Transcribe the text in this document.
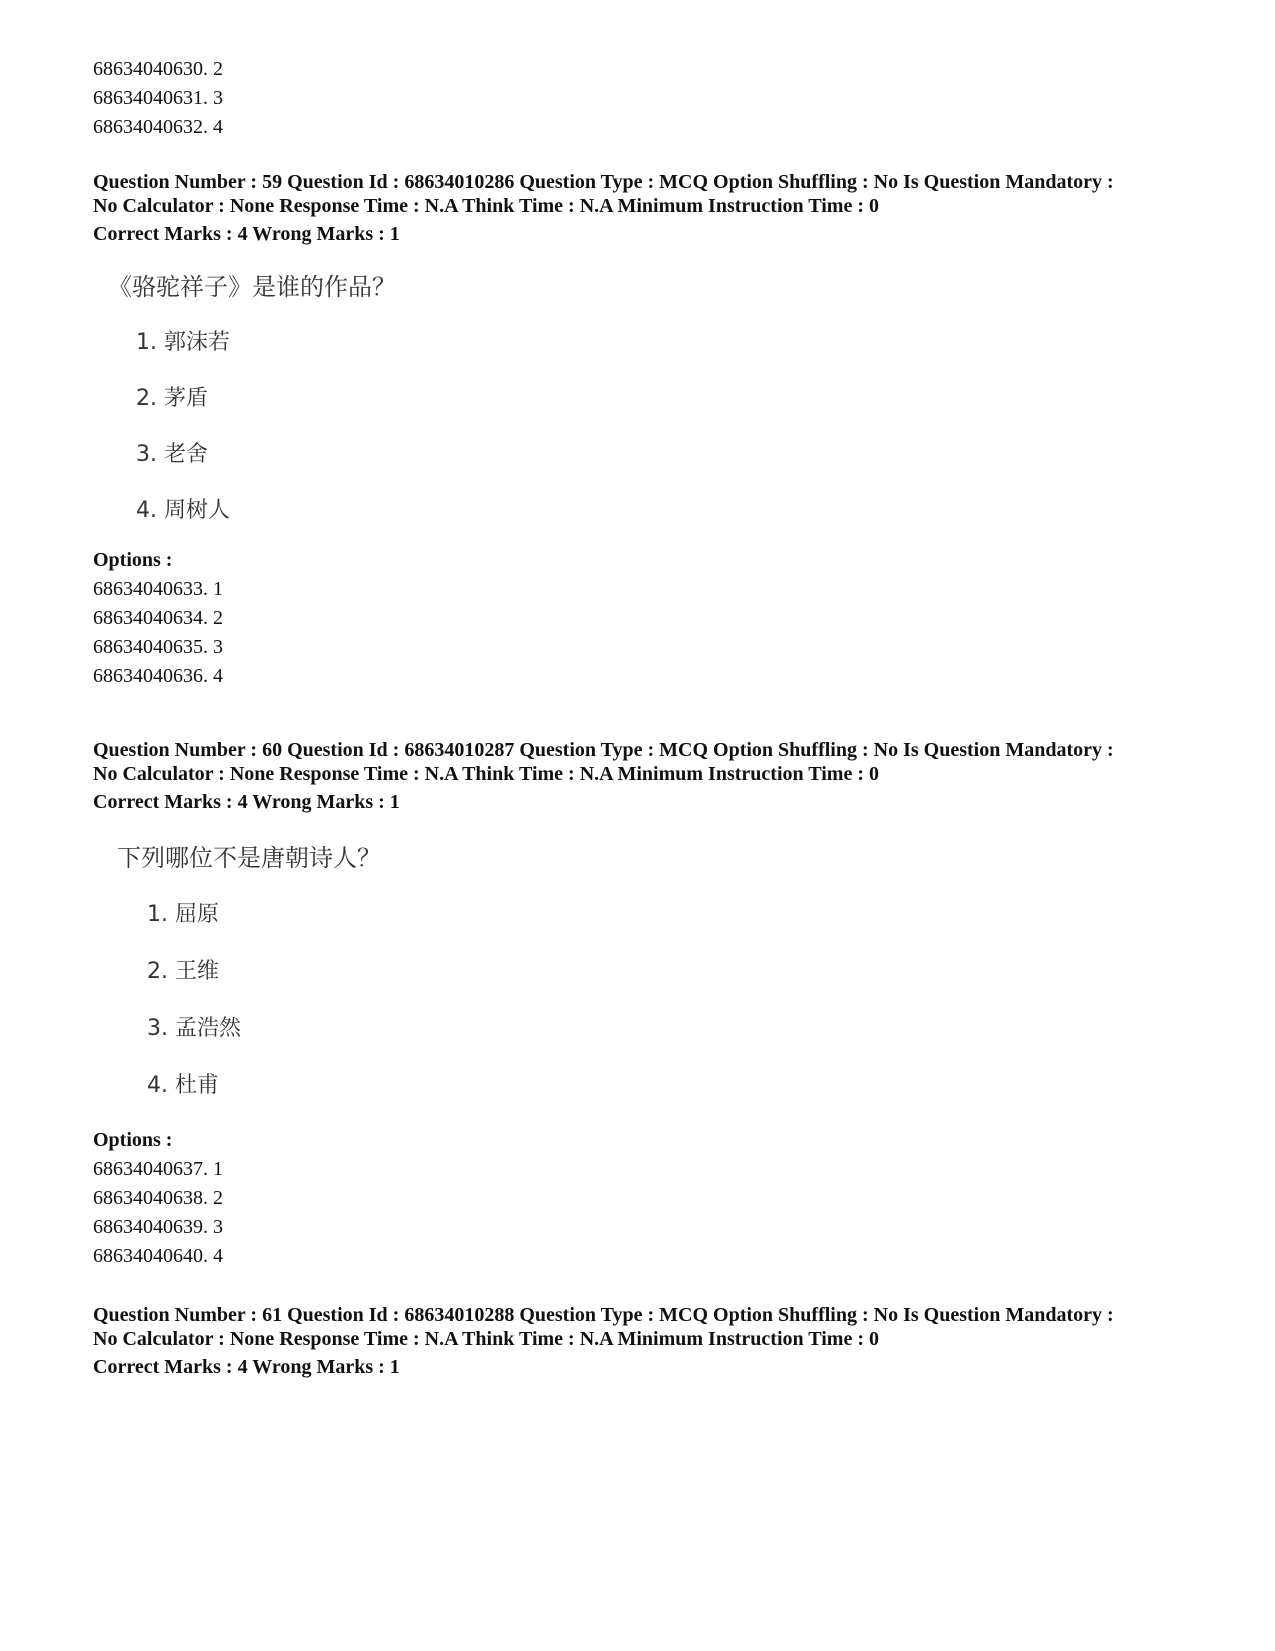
68634040630. 2
68634040631. 3
68634040632. 4
Question Number : 59 Question Id : 68634010286 Question Type : MCQ Option Shuffling : No Is Question Mandatory :
No Calculator : None Response Time : N.A Think Time : N.A Minimum Instruction Time : 0
Correct Marks : 4 Wrong Marks : 1
《骆驼祥子》是谁的作品？
1. 郭沫若
2. 茅盾
3. 老舍
4. 周树人
Options :
68634040633. 1
68634040634. 2
68634040635. 3
68634040636. 4
Question Number : 60 Question Id : 68634010287 Question Type : MCQ Option Shuffling : No Is Question Mandatory :
No Calculator : None Response Time : N.A Think Time : N.A Minimum Instruction Time : 0
Correct Marks : 4 Wrong Marks : 1
下列哪位不是唐朝诗人？
1. 屈原
2. 王维
3. 孟浩然
4. 杜甫
Options :
68634040637. 1
68634040638. 2
68634040639. 3
68634040640. 4
Question Number : 61 Question Id : 68634010288 Question Type : MCQ Option Shuffling : No Is Question Mandatory :
No Calculator : None Response Time : N.A Think Time : N.A Minimum Instruction Time : 0
Correct Marks : 4 Wrong Marks : 1
